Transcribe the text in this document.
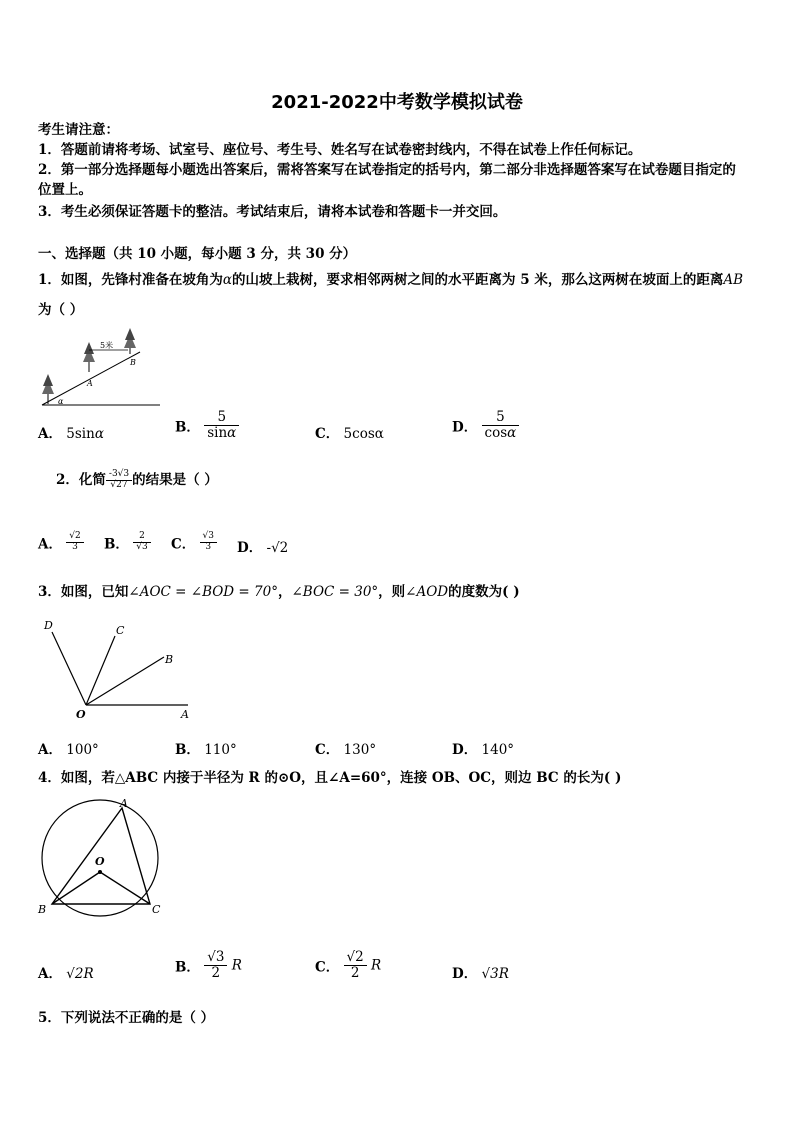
2021-2022中考数学模拟试卷
考生请注意：
1．答题前请将考场、试室号、座位号、考生号、姓名写在试卷密封线内，不得在试卷上作任何标记。
2．第一部分选择题每小题选出答案后，需将答案写在试卷指定的括号内，第二部分非选择题答案写在试卷题目指定的
位置上。
3．考生必须保证答题卡的整洁。考试结束后，请将本试卷和答题卡一并交回。
一、选择题（共 10 小题，每小题 3 分，共 30 分）
1．如图，先锋村准备在坡角为α的山坡上栽树，要求相邻两树之间的水平距离为 5 米，那么这两树在坡面上的距离AB
为（ ）
5米
A
B
α
A． 5sinα	B． $\frac{5}{\sin\alpha}$	C． 5cosα	D． $\frac{5}{\cos\alpha}$
2．化简 $\frac{-3√3}{√27}$ 的结果是（ ）
A． $\frac{√2}{3}$ B． $\frac{2}{√3}$ C． $\frac{√3}{3}$ D． -√2
3．如图，已知∠AOC = ∠BOD = 70°，∠BOC = 30°，则∠AOD的度数为( )
D	C
B
O	A
A． 100°	B． 110°	C． 130°	D． 140°
4．如图，若△ABC 内接于半径为 R 的⊙O，且∠A=60°，连接 OB、OC，则边 BC 的长为( )
A
O
B	C
A． √2R	B． $\frac{√3}{2}$ R	C． $\frac{√2}{2}$ R
D． √3R
5．下列说法不正确的是（ ）
